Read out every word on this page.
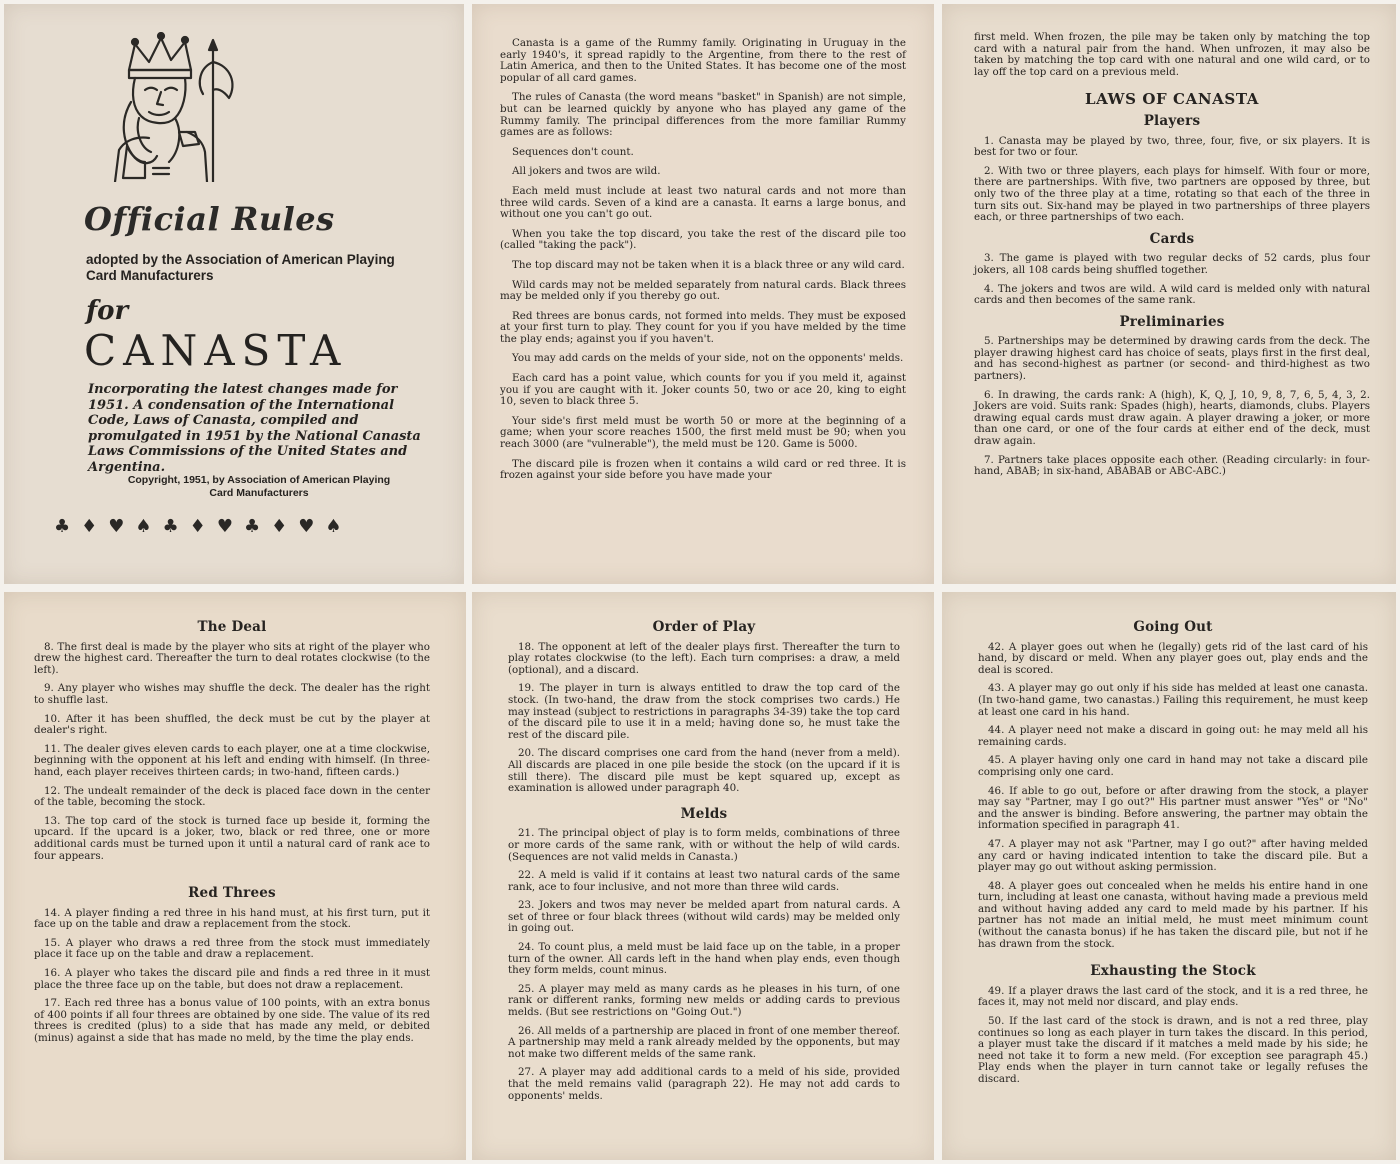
Official Rules
adopted by the Association of American Playing Card Manufacturers
for
CANASTA
Incorporating the latest changes made for 1951. A condensation of the International Code, Laws of Canasta, compiled and promulgated in 1951 by the National Canasta Laws Commissions of the United States and Argentina.
Copyright, 1951, by Association of American Playing Card Manufacturers
♣♦♥♠♣♦♥♣♦♥♠

Canasta is a game of the Rummy family. Originating in Uruguay in the early 1940's, it spread rapidly to the Argentine, from there to the rest of Latin America, and then to the United States. It has become one of the most popular of all card games.

The rules of Canasta (the word means "basket" in Spanish) are not simple, but can be learned quickly by anyone who has played any game of the Rummy family. The principal differences from the more familiar Rummy games are as follows:

Sequences don't count.

All jokers and twos are wild.

Each meld must include at least two natural cards and not more than three wild cards. Seven of a kind are a canasta. It earns a large bonus, and without one you can't go out.

When you take the top discard, you take the rest of the discard pile too (called "taking the pack").

The top discard may not be taken when it is a black three or any wild card.

Wild cards may not be melded separately from natural cards. Black threes may be melded only if you thereby go out.

Red threes are bonus cards, not formed into melds. They must be exposed at your first turn to play. They count for you if you have melded by the time the play ends; against you if you haven't.

You may add cards on the melds of your side, not on the opponents' melds.

Each card has a point value, which counts for you if you meld it, against you if you are caught with it. Joker counts 50, two or ace 20, king to eight 10, seven to black three 5.

Your side's first meld must be worth 50 or more at the beginning of a game; when your score reaches 1500, the first meld must be 90; when you reach 3000 (are "vulnerable"), the meld must be 120. Game is 5000.

The discard pile is frozen when it contains a wild card or red three. It is frozen against your side before you have made your

first meld. When frozen, the pile may be taken only by matching the top card with a natural pair from the hand. When unfrozen, it may also be taken by matching the top card with one natural and one wild card, or to lay off the top card on a previous meld.

LAWS OF CANASTA
Players

1. Canasta may be played by two, three, four, five, or six players. It is best for two or four.

2. With two or three players, each plays for himself. With four or more, there are partnerships. With five, two partners are opposed by three, but only two of the three play at a time, rotating so that each of the three in turn sits out. Six-hand may be played in two partnerships of three players each, or three partnerships of two each.

Cards

3. The game is played with two regular decks of 52 cards, plus four jokers, all 108 cards being shuffled together.

4. The jokers and twos are wild. A wild card is melded only with natural cards and then becomes of the same rank.

Preliminaries

5. Partnerships may be determined by drawing cards from the deck. The player drawing highest card has choice of seats, plays first in the first deal, and has second-highest as partner (or second- and third-highest as two partners).

6. In drawing, the cards rank: A (high), K, Q, J, 10, 9, 8, 7, 6, 5, 4, 3, 2. Jokers are void. Suits rank: Spades (high), hearts, diamonds, clubs. Players drawing equal cards must draw again. A player drawing a joker, or more than one card, or one of the four cards at either end of the deck, must draw again.

7. Partners take places opposite each other. (Reading circularly: in four-hand, ABAB; in six-hand, ABABAB or ABC-ABC.)

The Deal

8. The first deal is made by the player who sits at right of the player who drew the highest card. Thereafter the turn to deal rotates clockwise (to the left).

9. Any player who wishes may shuffle the deck. The dealer has the right to shuffle last.

10. After it has been shuffled, the deck must be cut by the player at dealer's right.

11. The dealer gives eleven cards to each player, one at a time clockwise, beginning with the opponent at his left and ending with himself. (In three-hand, each player receives thirteen cards; in two-hand, fifteen cards.)

12. The undealt remainder of the deck is placed face down in the center of the table, becoming the stock.

13. The top card of the stock is turned face up beside it, forming the upcard. If the upcard is a joker, two, black or red three, one or more additional cards must be turned upon it until a natural card of rank ace to four appears.

Red Threes

14. A player finding a red three in his hand must, at his first turn, put it face up on the table and draw a replacement from the stock.

15. A player who draws a red three from the stock must immediately place it face up on the table and draw a replacement.

16. A player who takes the discard pile and finds a red three in it must place the three face up on the table, but does not draw a replacement.

17. Each red three has a bonus value of 100 points, with an extra bonus of 400 points if all four threes are obtained by one side. The value of its red threes is credited (plus) to a side that has made any meld, or debited (minus) against a side that has made no meld, by the time the play ends.

Order of Play

18. The opponent at left of the dealer plays first. Thereafter the turn to play rotates clockwise (to the left). Each turn comprises: a draw, a meld (optional), and a discard.

19. The player in turn is always entitled to draw the top card of the stock. (In two-hand, the draw from the stock comprises two cards.) He may instead (subject to restrictions in paragraphs 34-39) take the top card of the discard pile to use it in a meld; having done so, he must take the rest of the discard pile.

20. The discard comprises one card from the hand (never from a meld). All discards are placed in one pile beside the stock (on the upcard if it is still there). The discard pile must be kept squared up, except as examination is allowed under paragraph 40.

Melds

21. The principal object of play is to form melds, combinations of three or more cards of the same rank, with or without the help of wild cards. (Sequences are not valid melds in Canasta.)

22. A meld is valid if it contains at least two natural cards of the same rank, ace to four inclusive, and not more than three wild cards.

23. Jokers and twos may never be melded apart from natural cards. A set of three or four black threes (without wild cards) may be melded only in going out.

24. To count plus, a meld must be laid face up on the table, in a proper turn of the owner. All cards left in the hand when play ends, even though they form melds, count minus.

25. A player may meld as many cards as he pleases in his turn, of one rank or different ranks, forming new melds or adding cards to previous melds. (But see restrictions on "Going Out.")

26. All melds of a partnership are placed in front of one member thereof. A partnership may meld a rank already melded by the opponents, but may not make two different melds of the same rank.

27. A player may add additional cards to a meld of his side, provided that the meld remains valid (paragraph 22). He may not add cards to opponents' melds.

Going Out

42. A player goes out when he (legally) gets rid of the last card of his hand, by discard or meld. When any player goes out, play ends and the deal is scored.

43. A player may go out only if his side has melded at least one canasta. (In two-hand game, two canastas.) Failing this requirement, he must keep at least one card in his hand.

44. A player need not make a discard in going out: he may meld all his remaining cards.

45. A player having only one card in hand may not take a discard pile comprising only one card.

46. If able to go out, before or after drawing from the stock, a player may say "Partner, may I go out?" His partner must answer "Yes" or "No" and the answer is binding. Before answering, the partner may obtain the information specified in paragraph 41.

47. A player may not ask "Partner, may I go out?" after having melded any card or having indicated intention to take the discard pile. But a player may go out without asking permission.

48. A player goes out concealed when he melds his entire hand in one turn, including at least one canasta, without having made a previous meld and without having added any card to meld made by his partner. If his partner has not made an initial meld, he must meet minimum count (without the canasta bonus) if he has taken the discard pile, but not if he has drawn from the stock.

Exhausting the Stock

49. If a player draws the last card of the stock, and it is a red three, he faces it, may not meld nor discard, and play ends.

50. If the last card of the stock is drawn, and is not a red three, play continues so long as each player in turn takes the discard. In this period, a player must take the discard if it matches a meld made by his side; he need not take it to form a new meld. (For exception see paragraph 45.) Play ends when the player in turn cannot take or legally refuses the discard.
